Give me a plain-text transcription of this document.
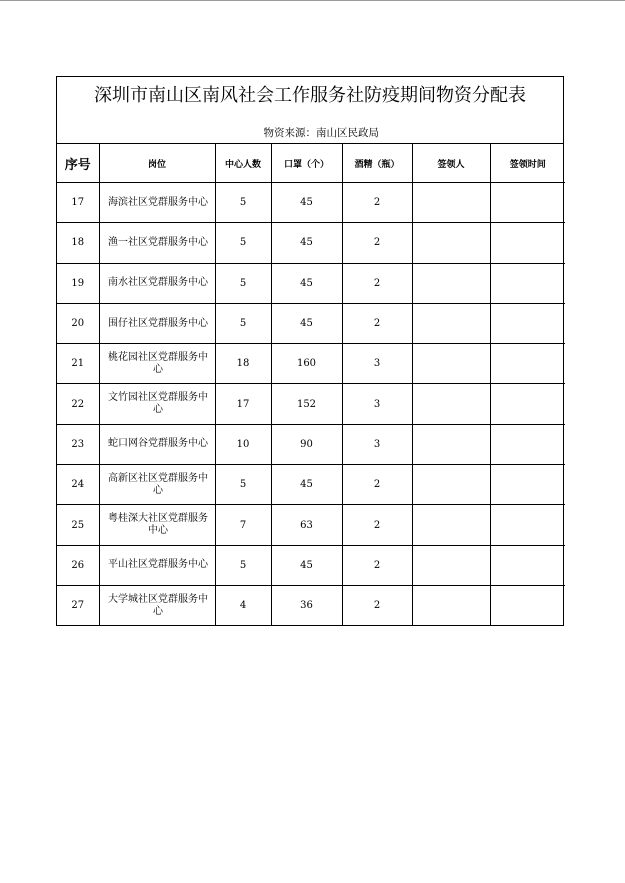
深圳市南山区南风社会工作服务社防疫期间物资分配表
物资来源：南山区民政局
序号	岗位	中心人数	口罩（个）	酒精（瓶）	签领人	签领时间
17	海滨社区党群服务中心	5	45	2		
18	渔一社区党群服务中心	5	45	2		
19	南水社区党群服务中心	5	45	2		
20	围仔社区党群服务中心	5	45	2		
21	桃花园社区党群服务中心	18	160	3		
22	文竹园社区党群服务中心	17	152	3		
23	蛇口网谷党群服务中心	10	90	3		
24	高新区社区党群服务中心	5	45	2		
25	粤桂深大社区党群服务中心	7	63	2		
26	平山社区党群服务中心	5	45	2		
27	大学城社区党群服务中心	4	36	2		
